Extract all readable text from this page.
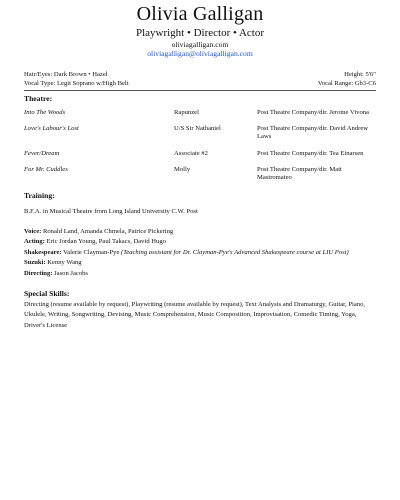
Olivia Galligan
Playwright • Director • Actor
oliviagalligan.com
oliviagalligan@oliviagalligan.com
Hair/Eyes: Dark Brown • Hazel
Vocal Type: Legit Soprano w/High Belt
Height: 5'6"
Vocal Range: Gb3-C6
Theatre:
Into The Woods	Rapunzel	Post Theatre Company/dir. Jerome Vivona
Love's Labour's Lost	U/S Sir Nathaniel	Post Theatre Company/dir. David Andrew Laws
Fever/Dream	Associate #2	Post Theatre Company/dir. Tea Einarsen
For Mr. Cuddles	Molly	Post Theatre Company/dir. Matt Mastromateo
Training:
B.F.A. in Musical Theatre from Long Island University C.W. Post
Voice: Ronald Land, Amanda Chmela, Patrice Pickering
Acting: Eric Jordan Young, Paul Takacs, David Hugo
Shakespeare: Valerie Clayman-Pye (Teaching assistant for Dr. Clayman-Pye's Advanced Shakespeare course at LIU Post)
Suzuki: Kenny Wang
Directing: Jason Jacobs
Special Skills:
Directing (resume available by request), Playwriting (resume available by request), Text Analysis and Dramaturgy, Guitar, Piano, Ukulele, Writing, Songwriting, Devising, Music Comprehension, Music Composition, Improvisation, Comedic Timing, Yoga, Driver's License
